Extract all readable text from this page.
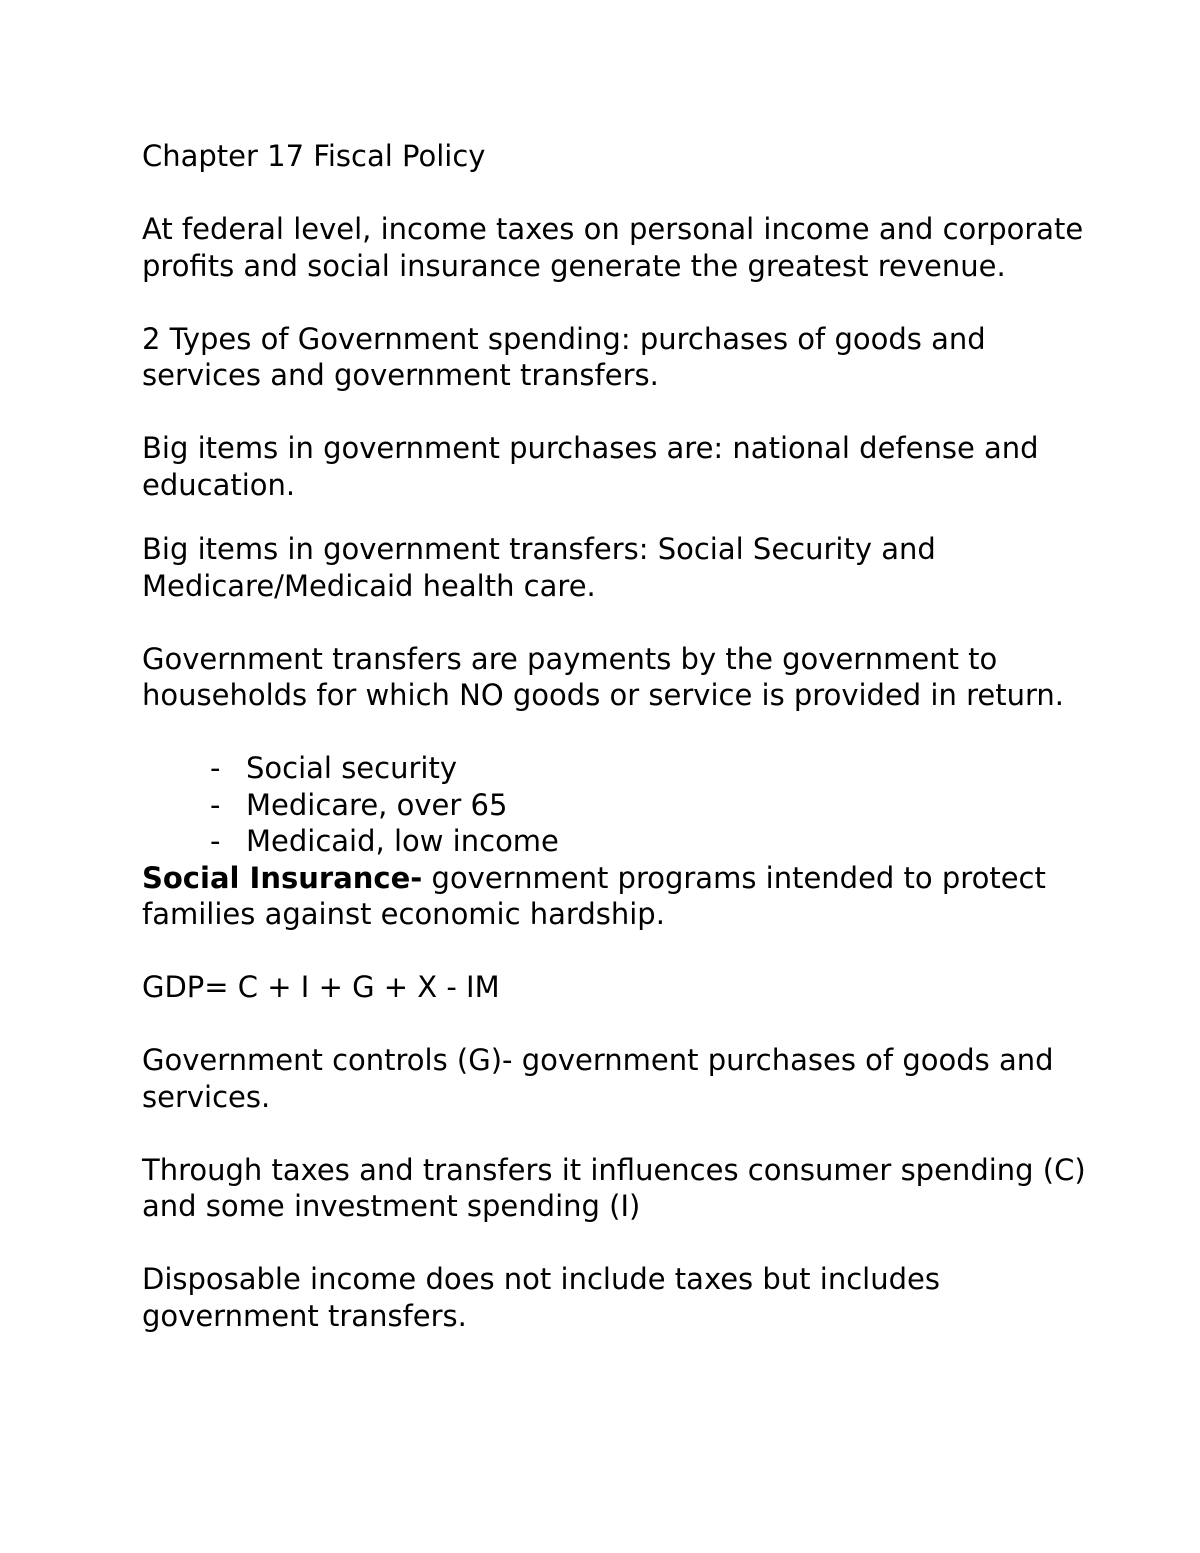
Chapter 17 Fiscal Policy

At federal level, income taxes on personal income and corporate profits and social insurance generate the greatest revenue.

2 Types of Government spending: purchases of goods and services and government transfers.

Big items in government purchases are: national defense and education.

Big items in government transfers: Social Security and Medicare/Medicaid health care.

Government transfers are payments by the government to households for which NO goods or service is provided in return.

- Social security
- Medicare, over 65
- Medicaid, low income

Social Insurance- government programs intended to protect families against economic hardship.

GDP= C + I + G + X - IM

Government controls (G)- government purchases of goods and services.

Through taxes and transfers it influences consumer spending (C) and some investment spending (I)

Disposable income does not include taxes but includes government transfers.
